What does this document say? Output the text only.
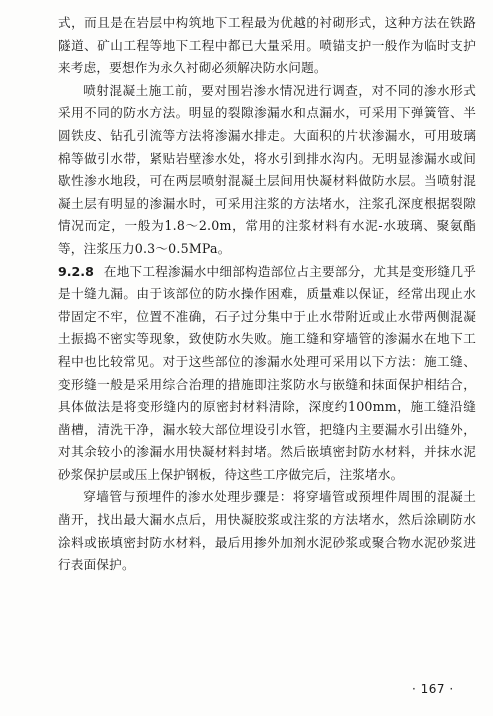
式，而且是在岩层中构筑地下工程最为优越的衬砌形式，这种方法在铁路隧道、矿山工程等地下工程中都已大量采用。喷锚支护一般作为临时支护来考虑，要想作为永久衬砌必须解决防水问题。

喷射混凝土施工前，要对围岩渗水情况进行调查，对不同的渗水形式采用不同的防水方法。明显的裂隙渗漏水和点漏水，可采用下弹簧管、半圆铁皮、钻孔引流等方法将渗漏水排走。大面积的片状渗漏水，可用玻璃棉等做引水带，紧贴岩壁渗水处，将水引到排水沟内。无明显渗漏水或间歇性渗水地段，可在两层喷射混凝土层间用快凝材料做防水层。当喷射混凝土层有明显的渗漏水时，可采用注浆的方法堵水，注浆孔深度根据裂隙情况而定，一般为1.8～2.0m，常用的注浆材料有水泥-水玻璃、聚氨酯等，注浆压力0.3～0.5MPa。

9.2.8 在地下工程渗漏水中细部构造部位占主要部分，尤其是变形缝几乎是十缝九漏。由于该部位的防水操作困难，质量难以保证，经常出现止水带固定不牢，位置不准确，石子过分集中于止水带附近或止水带两侧混凝土振捣不密实等现象，致使防水失败。施工缝和穿墙管的渗漏水在地下工程中也比较常见。对于这些部位的渗漏水处理可采用以下方法：施工缝、变形缝一般是采用综合治理的措施即注浆防水与嵌缝和抹面保护相结合，具体做法是将变形缝内的原密封材料清除，深度约100mm，施工缝沿缝凿槽，清洗干净，漏水较大部位埋设引水管，把缝内主要漏水引出缝外，对其余较小的渗漏水用快凝材料封堵。然后嵌填密封防水材料，并抹水泥砂浆保护层或压上保护钢板，待这些工序做完后，注浆堵水。

穿墙管与预埋件的渗水处理步骤是：将穿墙管或预埋件周围的混凝土凿开，找出最大漏水点后，用快凝胶浆或注浆的方法堵水，然后涂刷防水涂料或嵌填密封防水材料，最后用掺外加剂水泥砂浆或聚合物水泥砂浆进行表面保护。

· 167 ·
